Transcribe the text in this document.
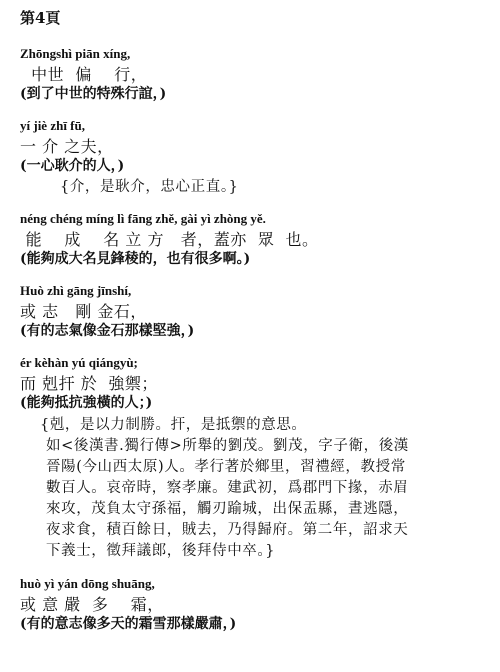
第4頁
Zhōngshì piān xíng,
中世  偏    行，
(到了中世的特殊行誼，)
yí jiè zhī fū,
一 介 之夫，
(一心耿介的人，)
{介，是耿介，忠心正直。}
néng chéng míng lì fāng zhě, gài yì zhòng yě.
能    成    名 立 方   者，蓋亦  眾  也。
(能夠成大名見鋒稜的，也有很多啊。)
Huò zhì gāng jīnshí,
或 志   剛 金石，
(有的志氣像金石那樣堅強，)
ér kèhàn yú qiángyù;
而 剋扞 於  強禦；
(能夠抵抗強橫的人；)
{剋，是以力制勝。扞，是抵禦的意思。
如<後漢書.獨行傳>所舉的劉茂。劉茂，字子衛，後漢
晉陽(今山西太原)人。孝行著於鄉里，習禮經，教授常
數百人。哀帝時，察孝廉。建武初，爲郡門下掾，赤眉
來攻，茂負太守孫福，觸刃踰城，出保盂縣，晝逃隱，
夜求食，積百餘日，賊去，乃得歸府。第二年，詔求天
下義士，徵拜議郎，後拜侍中卒。}
huò yì yán dōng shuāng,
或 意 嚴  多    霜，
(有的意志像多天的霜雪那樣嚴肅，)
